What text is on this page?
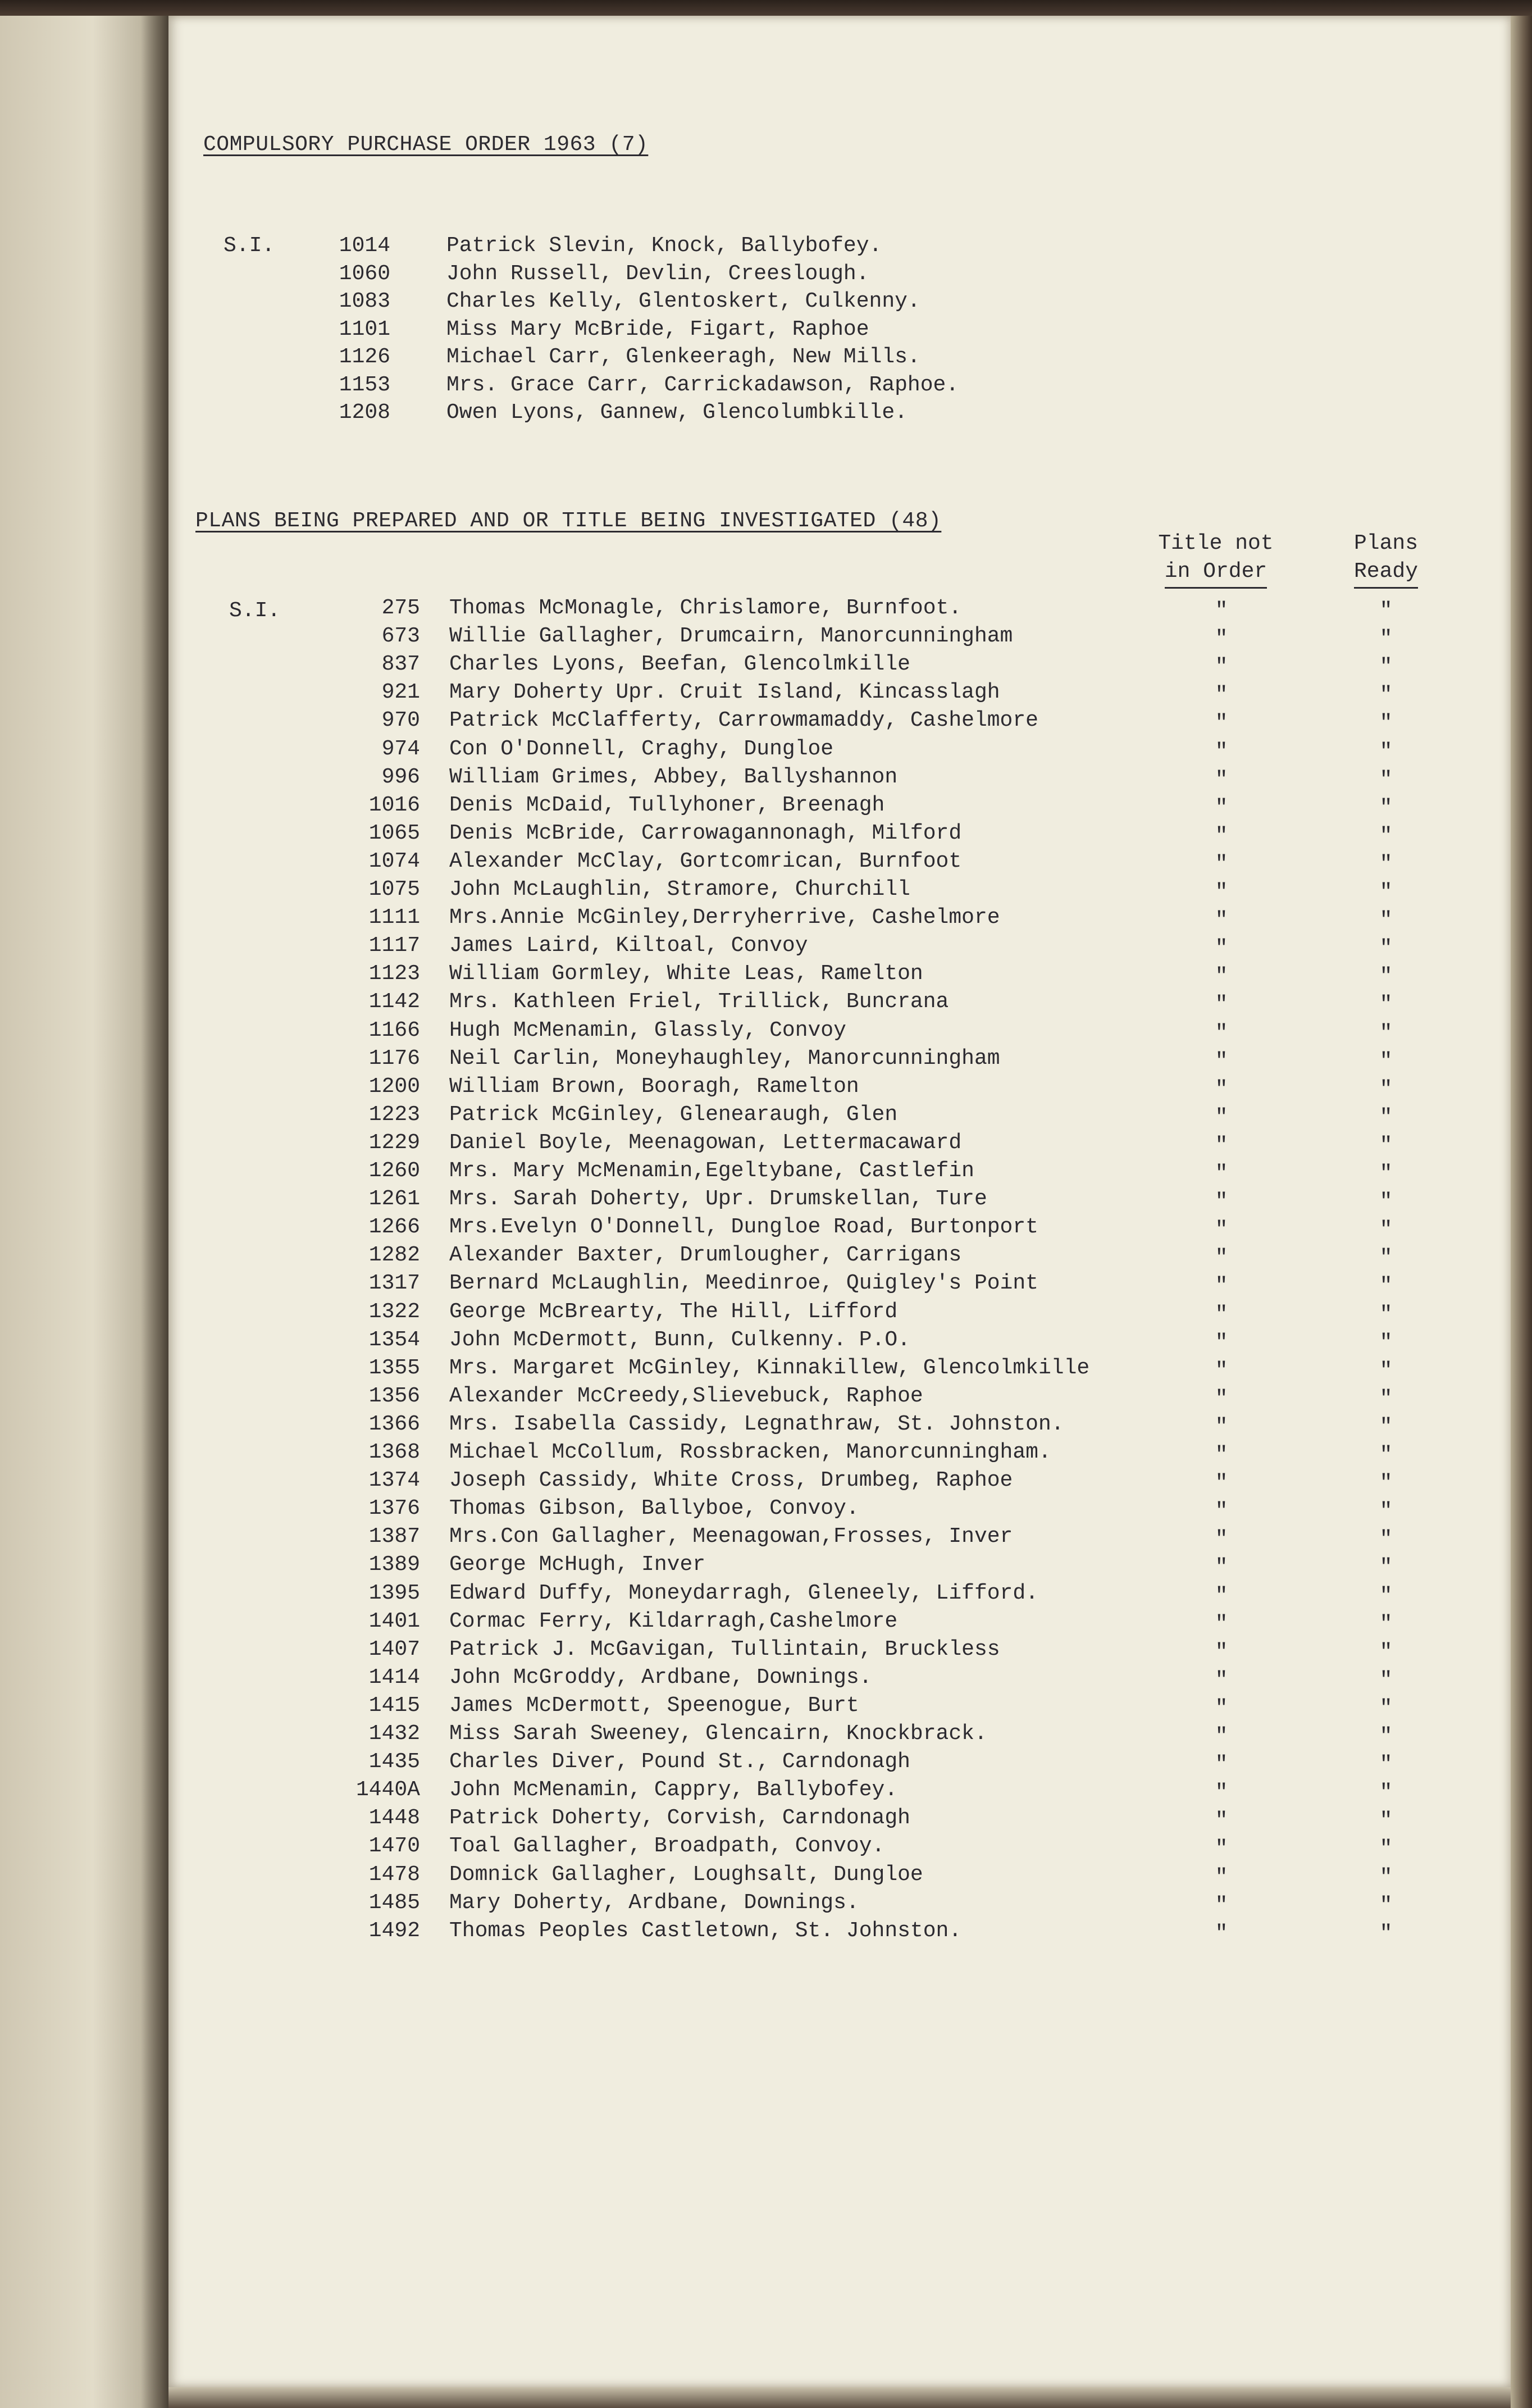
COMPULSORY PURCHASE ORDER 1963 (7)
S.I.	1014	Patrick Slevin, Knock, Ballybofey.
1060	John Russell, Devlin, Creeslough.
1083	Charles Kelly, Glentoskert, Culkenny.
1101	Miss Mary McBride, Figart, Raphoe
1126	Michael Carr, Glenkeeragh, New Mills.
1153	Mrs. Grace Carr, Carrickadawson, Raphoe.
1208	Owen Lyons, Gannew, Glencolumbkille.
PLANS BEING PREPARED AND OR TITLE BEING INVESTIGATED (48)
Title not
in Order
Plans
Ready
S.I.	275 Thomas McMonagle, Chrislamore, Burnfoot.	"	"
673 Willie Gallagher, Drumcairn, Manorcunningham	"	"
837 Charles Lyons, Beefan, Glencolmkille	"	"
921 Mary Doherty Upr. Cruit Island, Kincasslagh	"	"
970 Patrick McClafferty, Carrowmamaddy, Cashelmore	"	"
974 Con O'Donnell, Craghy, Dungloe	"	"
996 William Grimes, Abbey, Ballyshannon	"	"
1016 Denis McDaid, Tullyhoner, Breenagh	"	"
1065 Denis McBride, Carrowagannonagh, Milford	"	"
1074 Alexander McClay, Gortcomrican, Burnfoot	"	"
1075 John McLaughlin, Stramore, Churchill	"	"
1111 Mrs.Annie McGinley,Derryherrive, Cashelmore	"	"
1117 James Laird, Kiltoal, Convoy	"	"
1123 William Gormley, White Leas, Ramelton	"	"
1142 Mrs. Kathleen Friel, Trillick, Buncrana	"	"
1166 Hugh McMenamin, Glassly, Convoy	"	"
1176 Neil Carlin, Moneyhaughley, Manorcunningham	"	"
1200 William Brown, Booragh, Ramelton	"	"
1223 Patrick McGinley, Glenearaugh, Glen	"	"
1229 Daniel Boyle, Meenagowan, Lettermacaward	"	"
1260 Mrs. Mary McMenamin,Egeltybane, Castlefin	"	"
1261 Mrs. Sarah Doherty, Upr. Drumskellan, Ture	"	"
1266 Mrs.Evelyn O'Donnell, Dungloe Road, Burtonport	"	"
1282 Alexander Baxter, Drumlougher, Carrigans	"	"
1317 Bernard McLaughlin, Meedinroe, Quigley's Point	"	"
1322 George McBrearty, The Hill, Lifford	"	"
1354 John McDermott, Bunn, Culkenny. P.O.	"	"
1355 Mrs. Margaret McGinley, Kinnakillew, Glencolmkille	"	"
1356 Alexander McCreedy,Slievebuck, Raphoe	"	"
1366 Mrs. Isabella Cassidy, Legnathraw, St. Johnston.	"	"
1368 Michael McCollum, Rossbracken, Manorcunningham.	"	"
1374 Joseph Cassidy, White Cross, Drumbeg, Raphoe	"	"
1376 Thomas Gibson, Ballyboe, Convoy.	"	"
1387 Mrs.Con Gallagher, Meenagowan,Frosses, Inver	"	"
1389 George McHugh, Inver	"	"
1395 Edward Duffy, Moneydarragh, Gleneely, Lifford.	"	"
1401 Cormac Ferry, Kildarragh,Cashelmore	"	"
1407 Patrick J. McGavigan, Tullintain, Bruckless	"	"
1414 John McGroddy, Ardbane, Downings.	"	"
1415 James McDermott, Speenogue, Burt	"	"
1432 Miss Sarah Sweeney, Glencairn, Knockbrack.	"	"
1435 Charles Diver, Pound St., Carndonagh	"	"
1440A John McMenamin, Cappry, Ballybofey.	"	"
1448 Patrick Doherty, Corvish, Carndonagh	"	"
1470 Toal Gallagher, Broadpath, Convoy.	"	"
1478 Domnick Gallagher, Loughsalt, Dungloe	"	"
1485 Mary Doherty, Ardbane, Downings.	"	"
1492 Thomas Peoples Castletown, St. Johnston.	"	"
